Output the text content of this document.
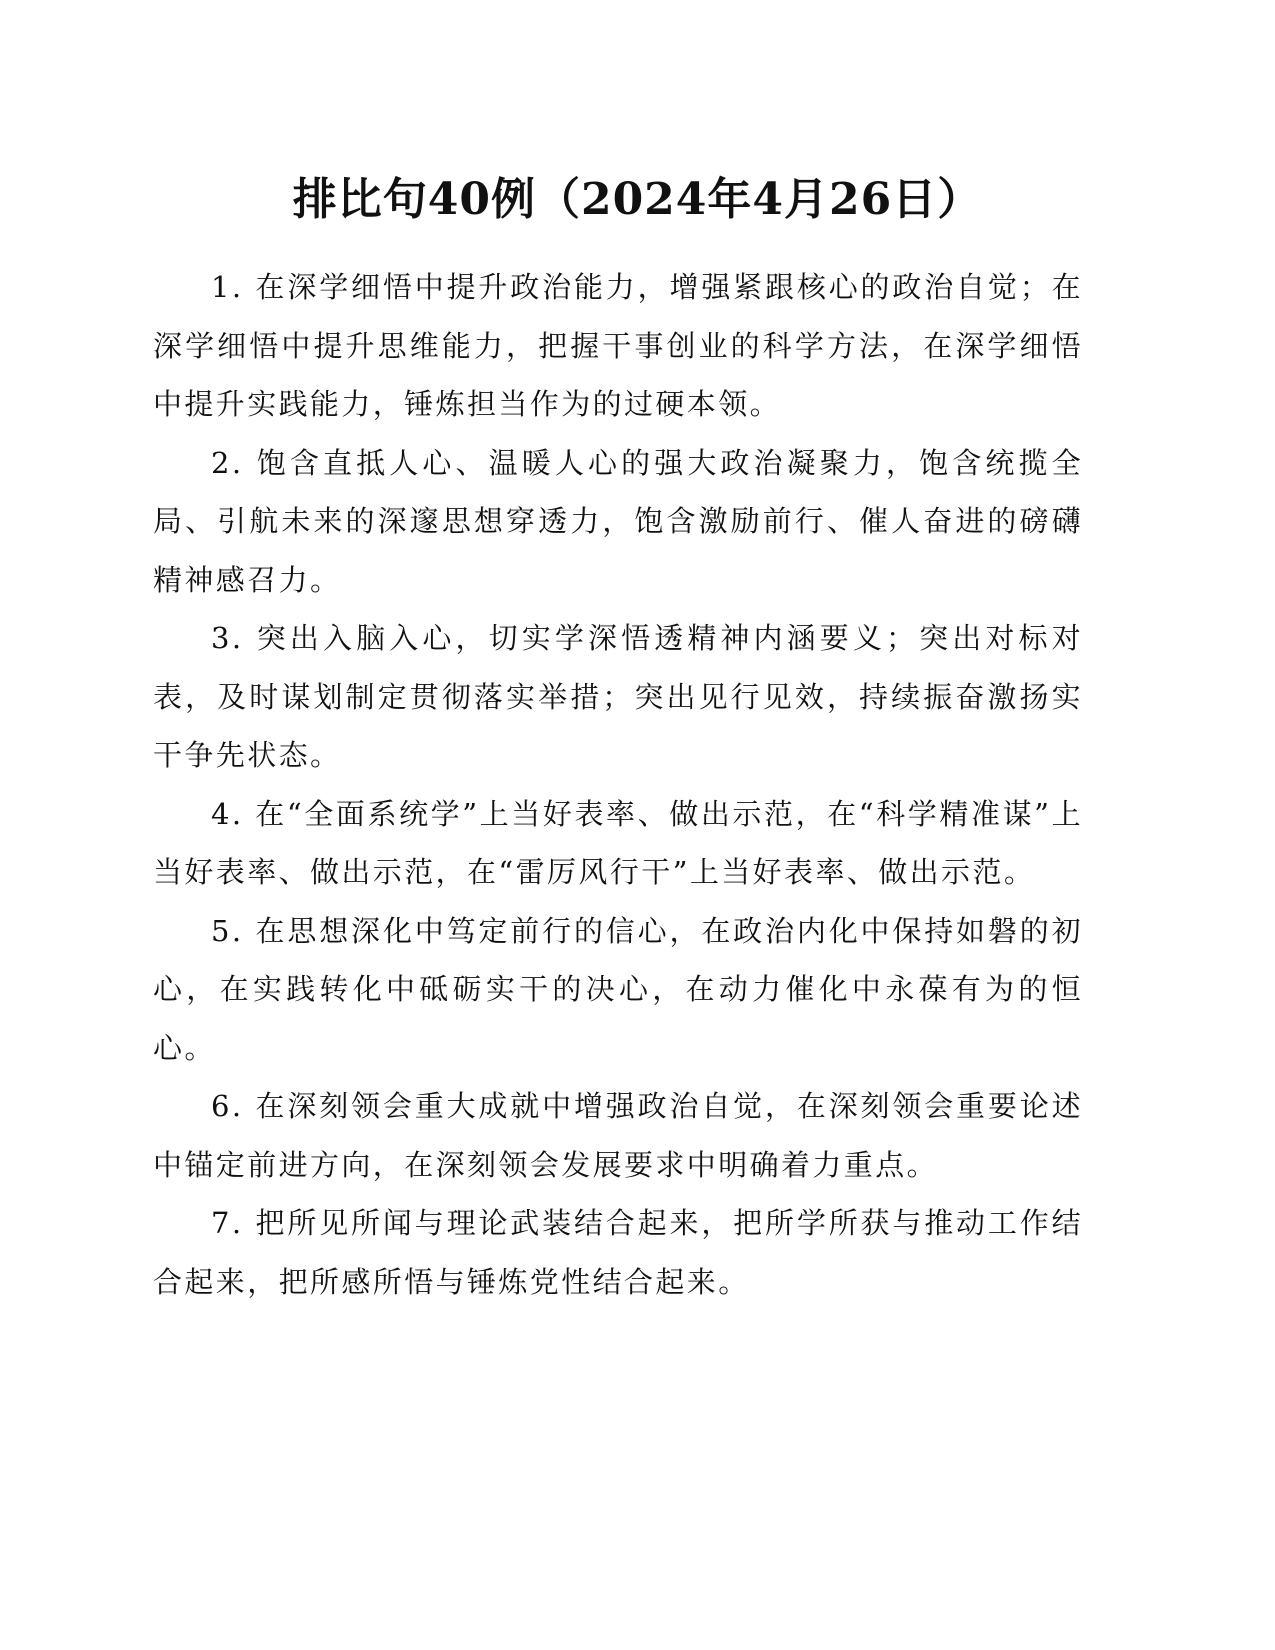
排比句40例（2024年4月26日）

1. 在深学细悟中提升政治能力，增强紧跟核心的政治自觉；在深学细悟中提升思维能力，把握干事创业的科学方法，在深学细悟中提升实践能力，锤炼担当作为的过硬本领。

2. 饱含直抵人心、温暖人心的强大政治凝聚力，饱含统揽全局、引航未来的深邃思想穿透力，饱含激励前行、催人奋进的磅礴精神感召力。

3. 突出入脑入心，切实学深悟透精神内涵要义；突出对标对表，及时谋划制定贯彻落实举措；突出见行见效，持续振奋激扬实干争先状态。

4. 在“全面系统学”上当好表率、做出示范，在“科学精准谋”上当好表率、做出示范，在“雷厉风行干”上当好表率、做出示范。

5. 在思想深化中笃定前行的信心，在政治内化中保持如磐的初心，在实践转化中砥砺实干的决心，在动力催化中永葆有为的恒心。

6. 在深刻领会重大成就中增强政治自觉，在深刻领会重要论述中锚定前进方向，在深刻领会发展要求中明确着力重点。

7. 把所见所闻与理论武装结合起来，把所学所获与推动工作结合起来，把所感所悟与锤炼党性结合起来。
